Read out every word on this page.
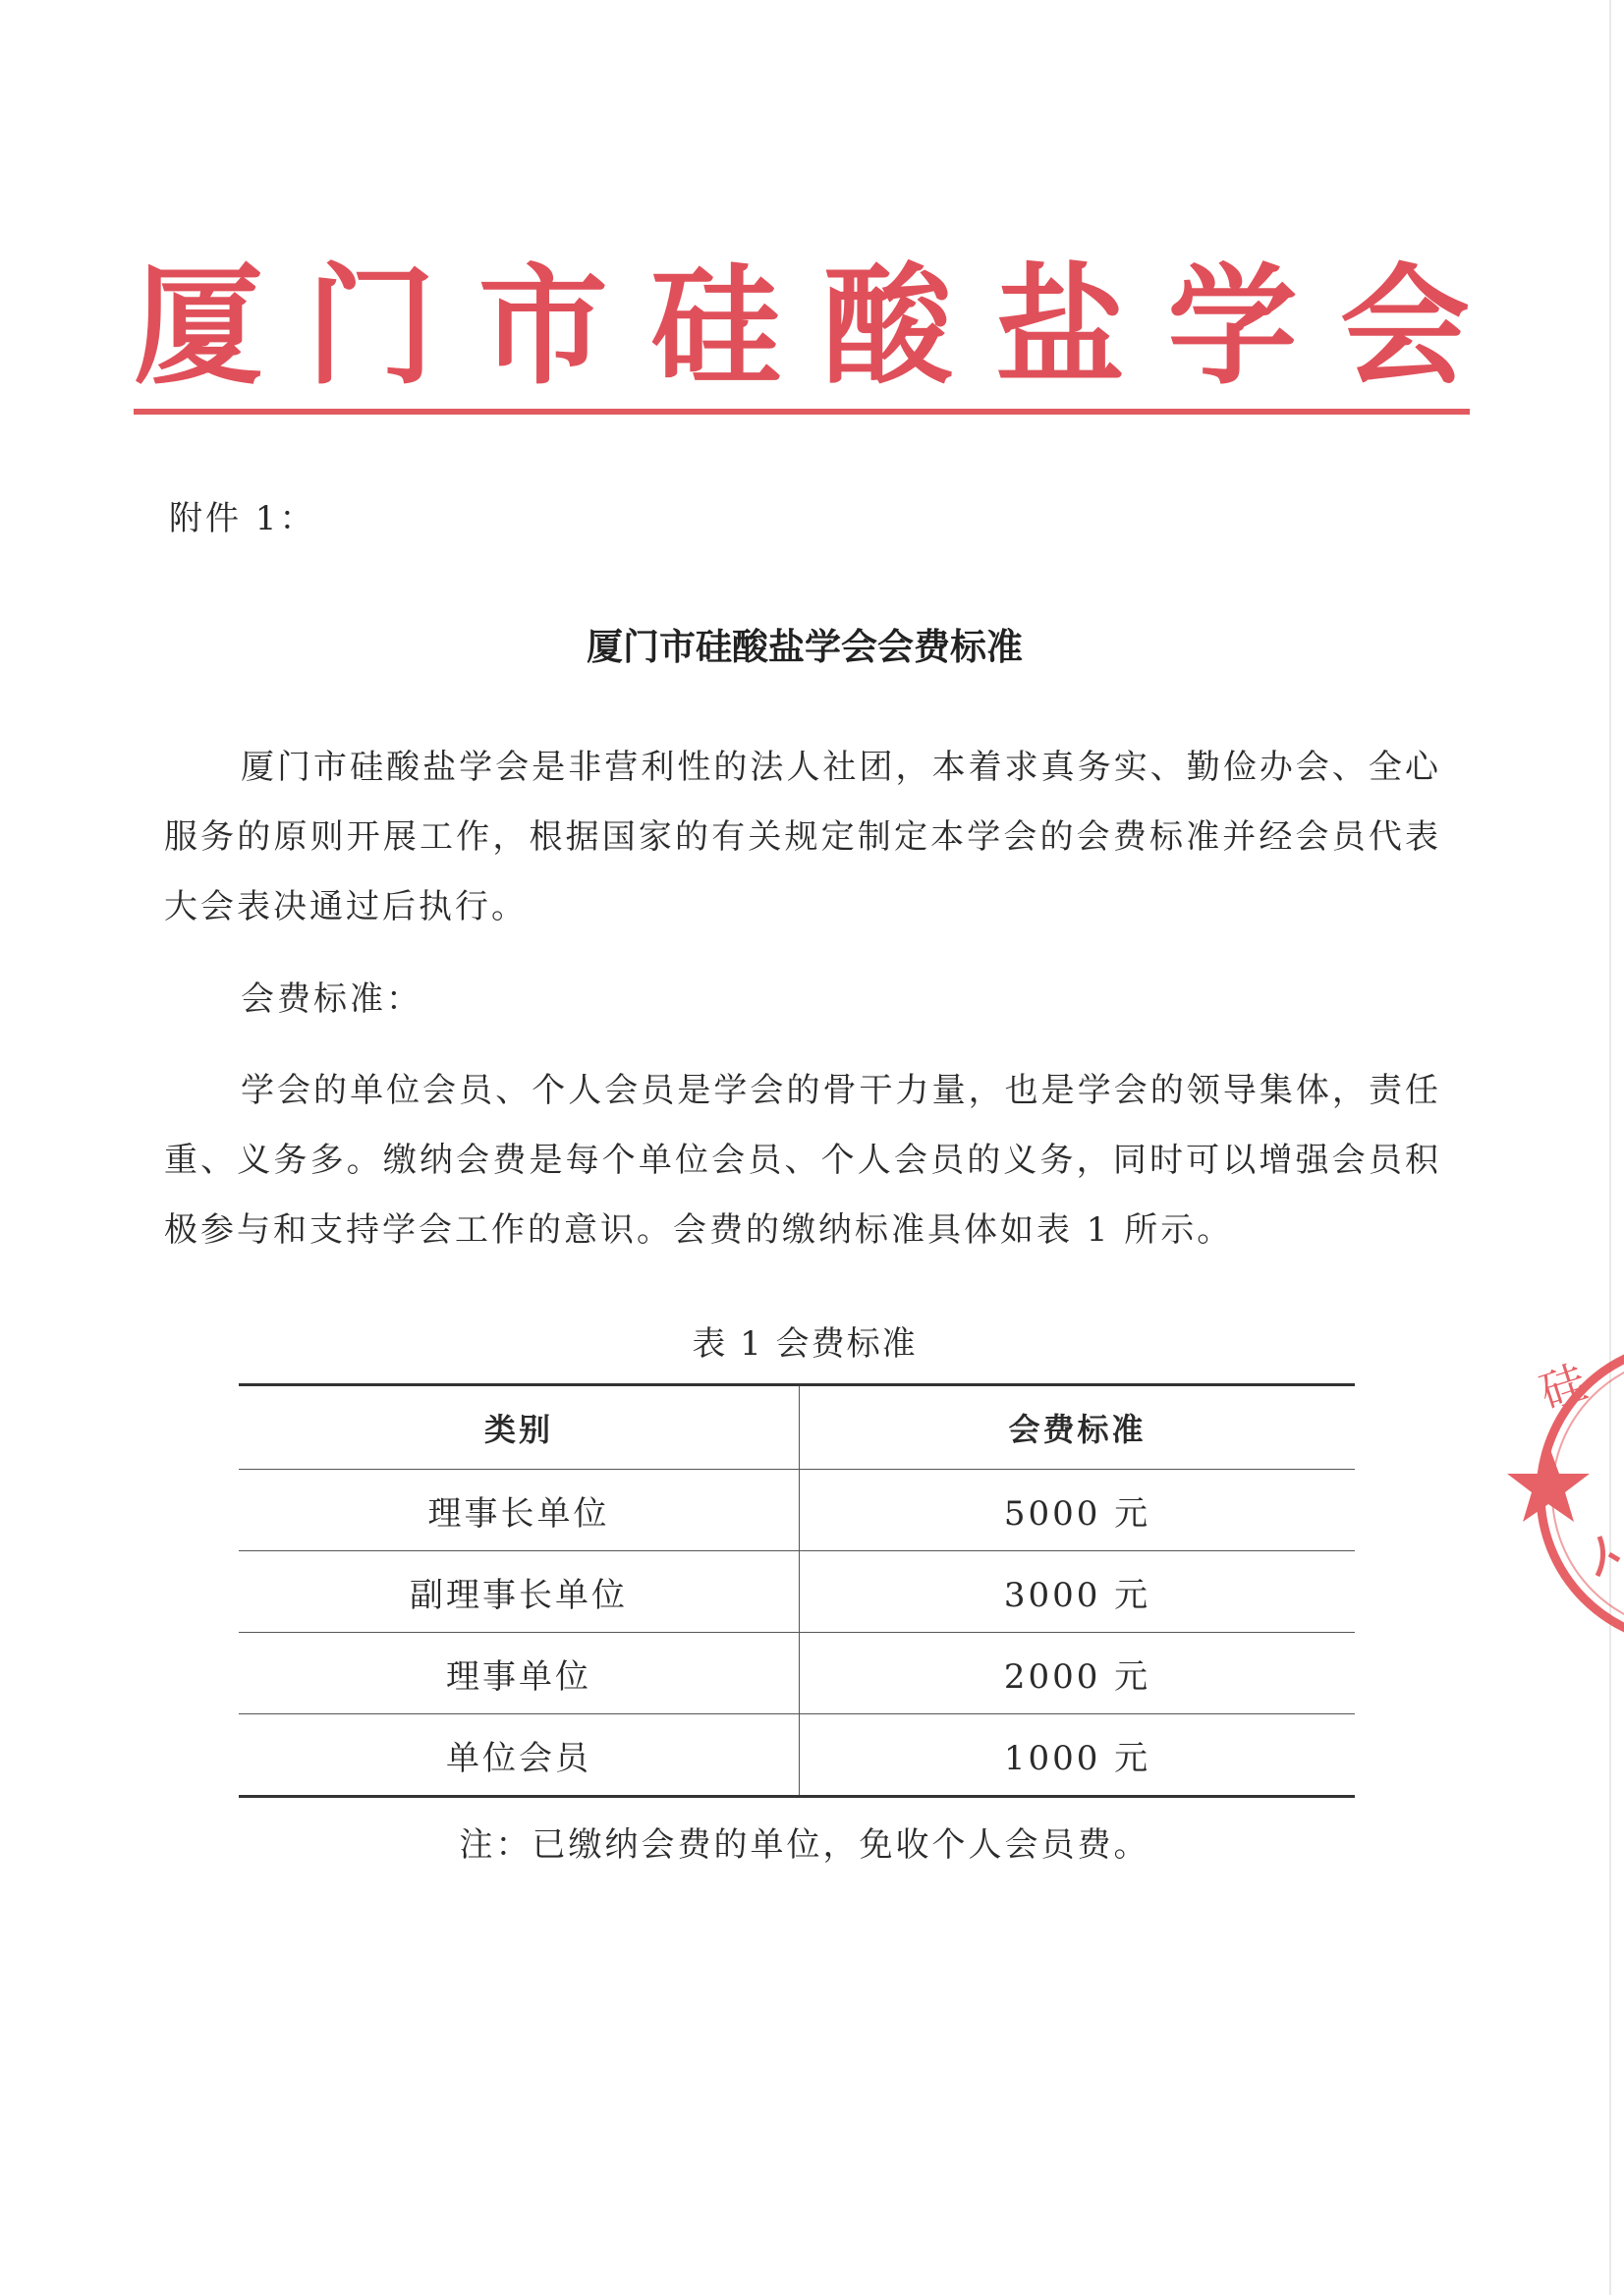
厦 门 市 硅 酸 盐 学 会
附件 1：
厦门市硅酸盐学会会费标准

厦门市硅酸盐学会是非营利性的法人社团，本着求真务实、勤俭办会、全心服务的原则开展工作，根据国家的有关规定制定本学会的会费标准并经会员代表大会表决通过后执行。

会费标准：

学会的单位会员、个人会员是学会的骨干力量，也是学会的领导集体，责任重、义务多。缴纳会费是每个单位会员、个人会员的义务，同时可以增强会员积极参与和支持学会工作的意识。会费的缴纳标准具体如表 1 所示。

表 1 会费标准
类别	会费标准
理事长单位	5000 元
副理事长单位	3000 元
理事单位	2000 元
单位会员	1000 元
注：已缴纳会费的单位，免收个人会员费。
硅
